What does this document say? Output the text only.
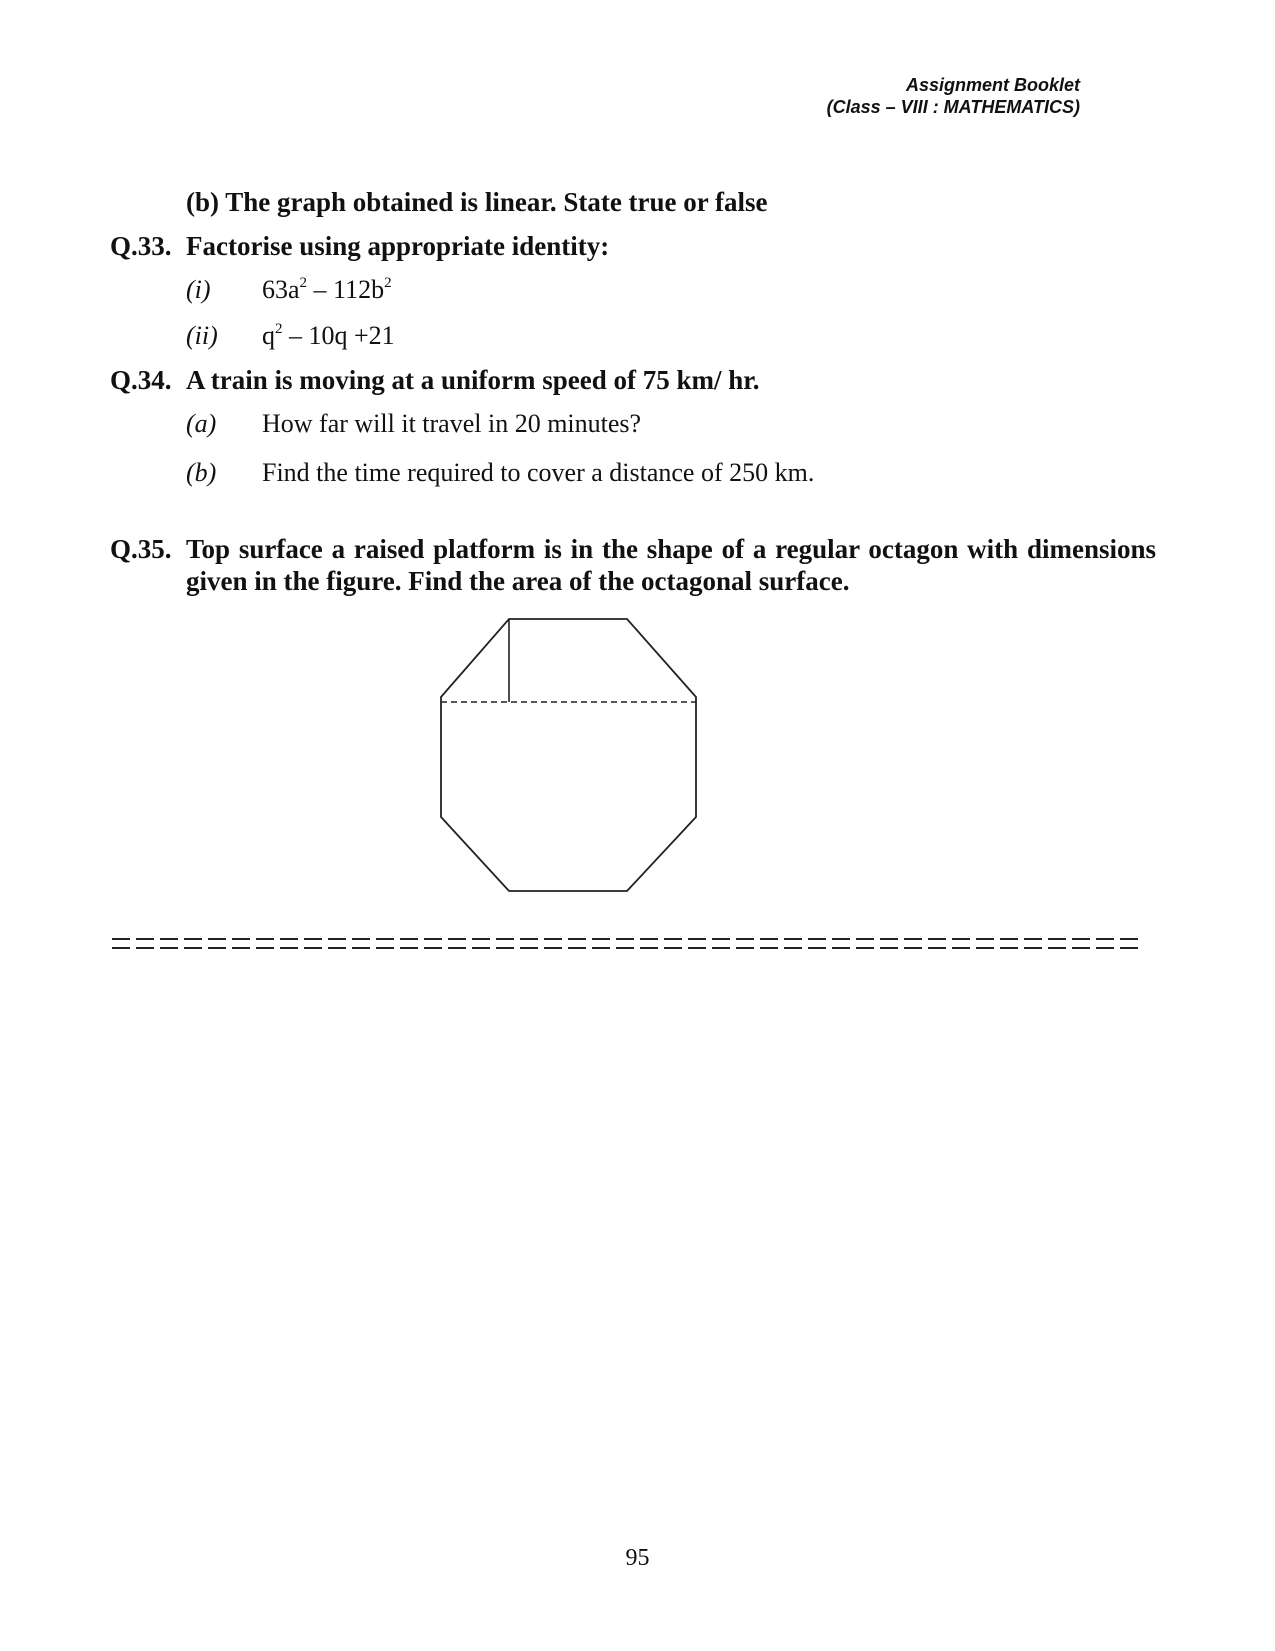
Assignment Booklet
(Class – VIII : MATHEMATICS)
(b) The graph obtained is linear. State true or false
Q.33. Factorise using appropriate identity:
(i) $63a^2 - 112b^2$
(ii) $q^2 - 10q +21$
Q.34. A train is moving at a uniform speed of 75 km/ hr.
(a) How far will it travel in 20 minutes?
(b) Find the time required to cover a distance of 250 km.
Q.35. Top surface a raised platform is in the shape of a regular octagon with dimensions
given in the figure. Find the area of the octagonal surface.
95
